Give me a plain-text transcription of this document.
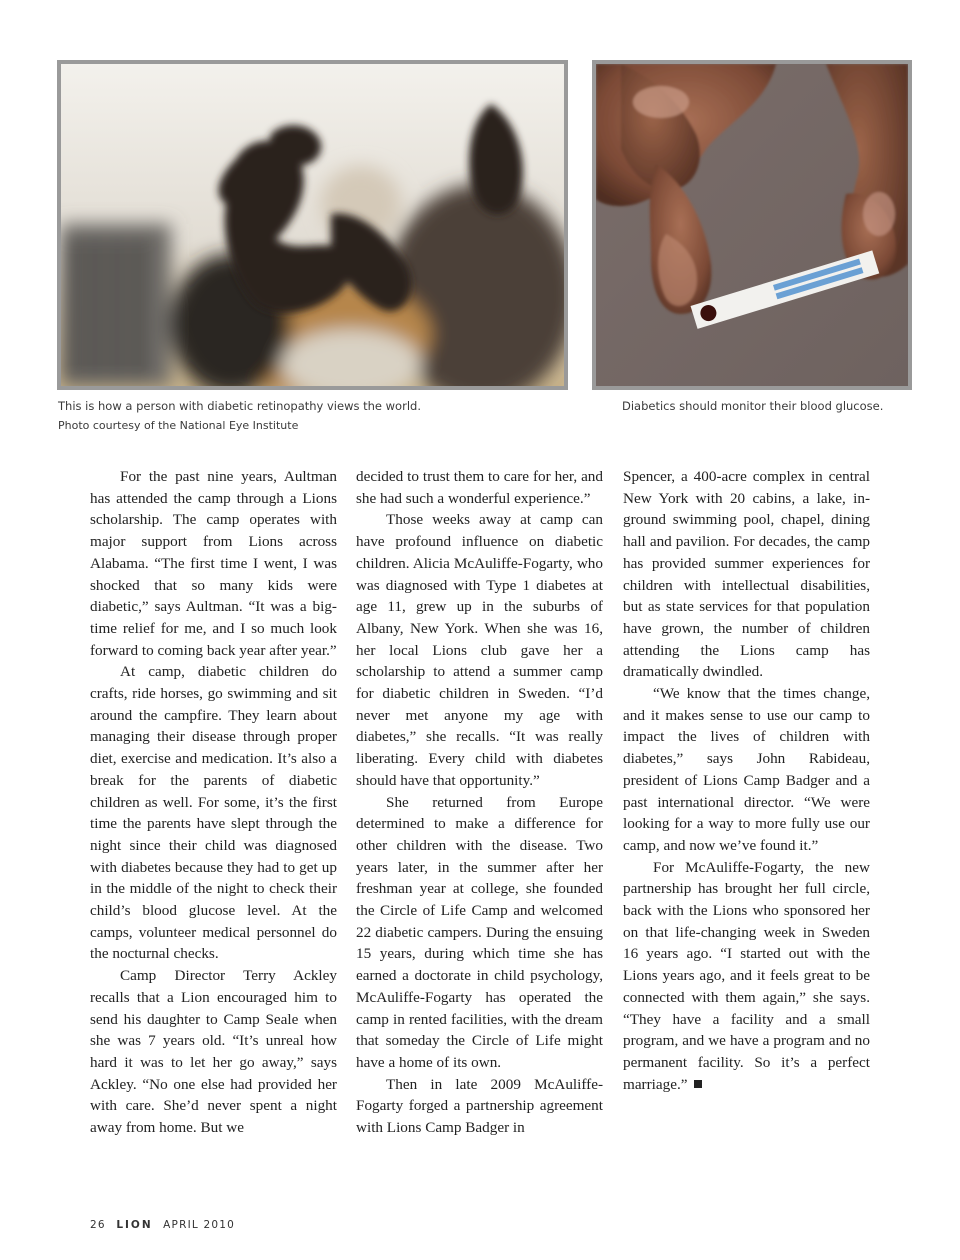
This is how a person with diabetic retinopathy views the world.

Photo courtesy of the National Eye Institute

Diabetics should monitor their blood glucose.

For the past nine years, Aultman has attended the camp through a Lions scholarship. The camp operates with major support from Lions across Alabama. “The first time I went, I was shocked that so many kids were diabetic,” says Aultman. “It was a big-time relief for me, and I so much look forward to coming back year after year.”

At camp, diabetic children do crafts, ride horses, go swimming and sit around the campfire. They learn about managing their disease through proper diet, exercise and medication. It’s also a break for the parents of diabetic children as well. For some, it’s the first time the parents have slept through the night since their child was diagnosed with diabetes because they had to get up in the middle of the night to check their child’s blood glucose level. At the camps, volunteer medical personnel do the nocturnal checks.

Camp Director Terry Ackley recalls that a Lion encouraged him to send his daughter to Camp Seale when she was 7 years old. “It’s unreal how hard it was to let her go away,” says Ackley. “No one else had provided her with care. She’d never spent a night away from home. But we

decided to trust them to care for her, and she had such a wonderful experience.”

Those weeks away at camp can have profound influence on diabetic children. Alicia McAuliffe-Fogarty, who was diagnosed with Type 1 diabetes at age 11, grew up in the suburbs of Albany, New York. When she was 16, her local Lions club gave her a scholarship to attend a summer camp for diabetic children in Sweden. “I’d never met anyone my age with diabetes,” she recalls. “It was really liberating. Every child with diabetes should have that opportunity.”

She returned from Europe determined to make a difference for other children with the disease. Two years later, in the summer after her freshman year at college, she founded the Circle of Life Camp and welcomed 22 diabetic campers. During the ensuing 15 years, during which time she has earned a doctorate in child psychology, McAuliffe-Fogarty has operated the camp in rented facilities, with the dream that someday the Circle of Life might have a home of its own.

Then in late 2009 McAuliffe-Fogarty forged a partnership agreement with Lions Camp Badger in

Spencer, a 400-acre complex in central New York with 20 cabins, a lake, in-ground swimming pool, chapel, dining hall and pavilion. For decades, the camp has provided summer experiences for children with intellectual disabilities, but as state services for that population have grown, the number of children attending the Lions camp has dramatically dwindled.

“We know that the times change, and it makes sense to use our camp to impact the lives of children with diabetes,” says John Rabideau, president of Lions Camp Badger and a past international director. “We were looking for a way to more fully use our camp, and now we’ve found it.”

For McAuliffe-Fogarty, the new partnership has brought her full circle, back with the Lions who sponsored her on that life-changing week in Sweden 16 years ago. “I started out with the Lions years ago, and it feels great to be connected with them again,” she says. “They have a facility and a small program, and we have a program and no permanent facility. So it’s a perfect marriage.”

26 LION APRIL 2010
